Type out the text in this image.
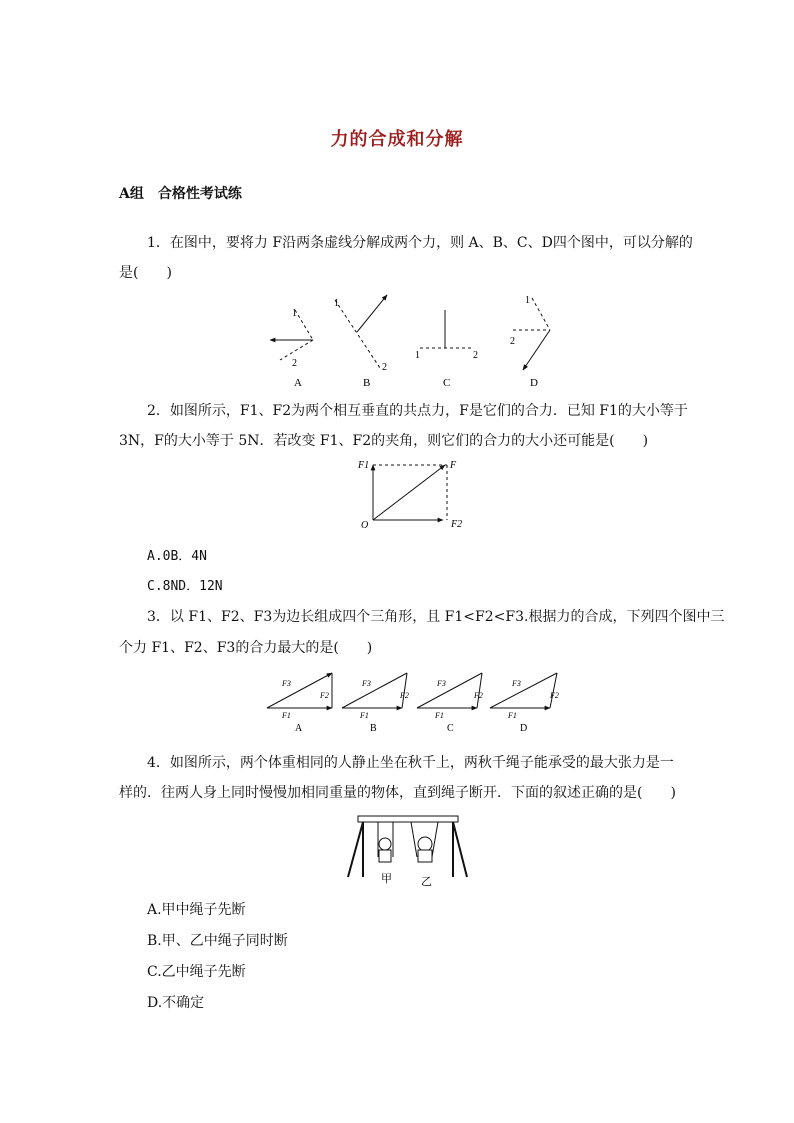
力的合成和分解
A组　合格性考试练
1．在图中，要将力 F沿两条虚线分解成两个力，则 A、B、C、D四个图中，可以分解的
是(　　)
1
2
A
1
2
B
1	2
C
1
2
D
2．如图所示，F1、F2为两个相互垂直的共点力，F是它们的合力．已知 F1的大小等于
3N，F的大小等于 5N．若改变 F1、F2的夹角，则它们的合力的大小还可能是(　　)
F1	F
O	F2
A.0B．4N
C.8ND．12N
3．以 F1、F2、F3为边长组成四个三角形，且 F1<F2<F3.根据力的合成，下列四个图中三
个力 F1、F2、F3的合力最大的是(　　)
F3
F2
F1
A
F3
F2
F1
B
F3
F2
F1
C
F3
F2
F1
D
4．如图所示，两个体重相同的人静止坐在秋千上，两秋千绳子能承受的最大张力是一
样的．往两人身上同时慢慢加相同重量的物体，直到绳子断开．下面的叙述正确的是(　　)
甲	乙
A.甲中绳子先断
B.甲、乙中绳子同时断
C.乙中绳子先断
D.不确定
